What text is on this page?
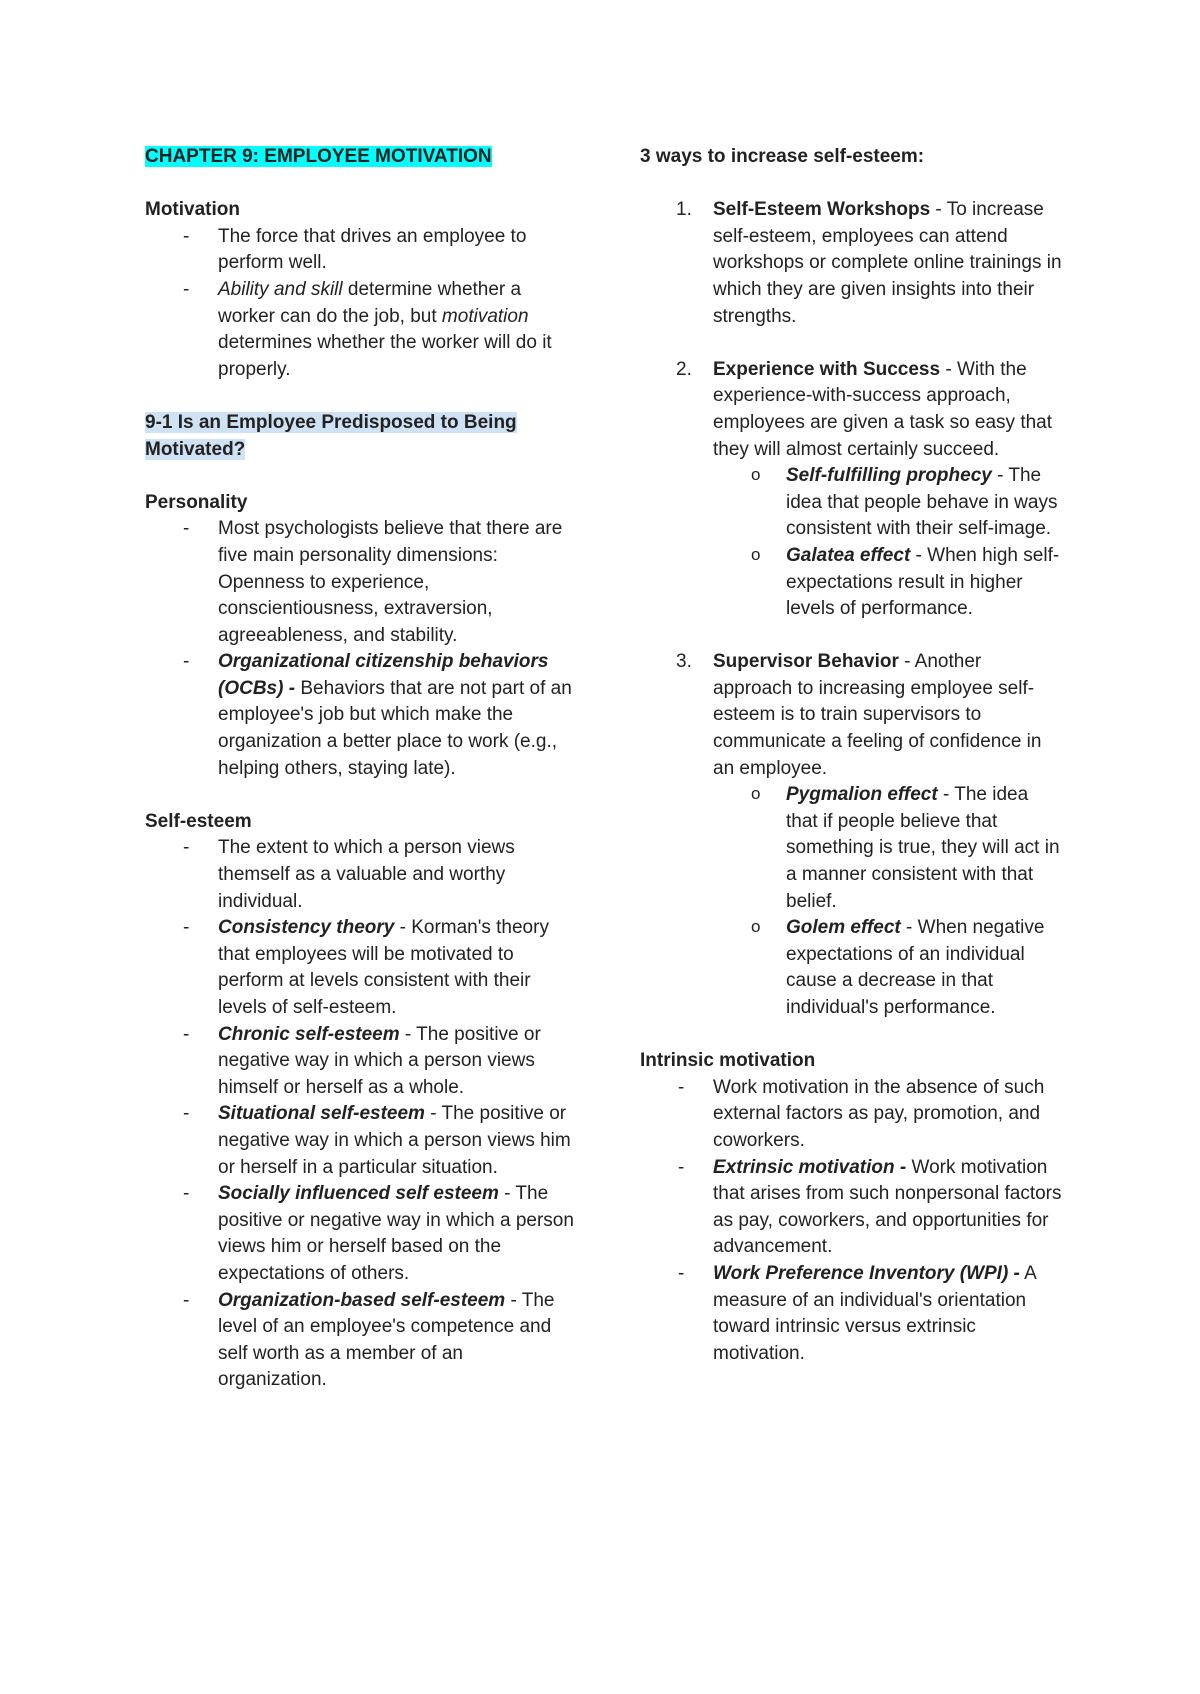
CHAPTER 9: EMPLOYEE MOTIVATION
Motivation
- The force that drives an employee to perform well.
- Ability and skill determine whether a worker can do the job, but motivation determines whether the worker will do it properly.
9-1 Is an Employee Predisposed to Being Motivated?
Personality
- Most psychologists believe that there are five main personality dimensions: Openness to experience, conscientiousness, extraversion, agreeableness, and stability.
- Organizational citizenship behaviors (OCBs) - Behaviors that are not part of an employee's job but which make the organization a better place to work (e.g., helping others, staying late).
Self-esteem
- The extent to which a person views themself as a valuable and worthy individual.
- Consistency theory - Korman's theory that employees will be motivated to perform at levels consistent with their levels of self-esteem.
- Chronic self-esteem - The positive or negative way in which a person views himself or herself as a whole.
- Situational self-esteem - The positive or negative way in which a person views him or herself in a particular situation.
- Socially influenced self esteem - The positive or negative way in which a person views him or herself based on the expectations of others.
- Organization-based self-esteem - The level of an employee's competence and self worth as a member of an organization.
3 ways to increase self-esteem:
1. Self-Esteem Workshops - To increase self-esteem, employees can attend workshops or complete online trainings in which they are given insights into their strengths.
2. Experience with Success - With the experience-with-success approach, employees are given a task so easy that they will almost certainly succeed.
o Self-fulfilling prophecy - The idea that people behave in ways consistent with their self-image.
o Galatea effect - When high self-expectations result in higher levels of performance.
3. Supervisor Behavior - Another approach to increasing employee self-esteem is to train supervisors to communicate a feeling of confidence in an employee.
o Pygmalion effect - The idea that if people believe that something is true, they will act in a manner consistent with that belief.
o Golem effect - When negative expectations of an individual cause a decrease in that individual's performance.
Intrinsic motivation
- Work motivation in the absence of such external factors as pay, promotion, and coworkers.
- Extrinsic motivation - Work motivation that arises from such nonpersonal factors as pay, coworkers, and opportunities for advancement.
- Work Preference Inventory (WPI) - A measure of an individual's orientation toward intrinsic versus extrinsic motivation.
